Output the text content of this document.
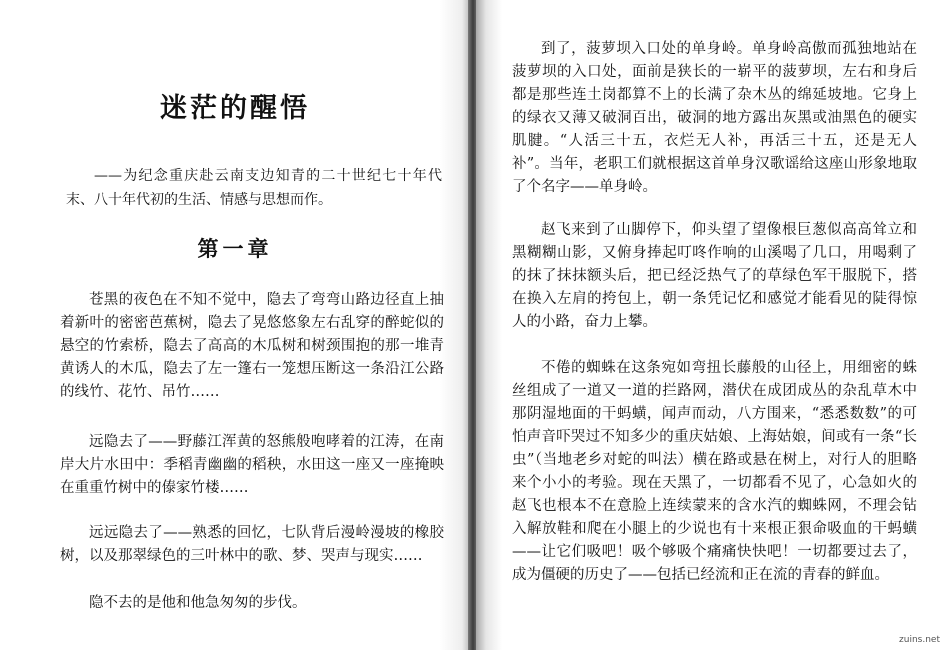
迷茫的醒悟

——为纪念重庆赴云南支边知青的二十世纪七十年代末、八十年代初的生活、情感与思想而作。

第一章

苍黑的夜色在不知不觉中，隐去了弯弯山路边径直上抽着新叶的密密芭蕉树，隐去了晃悠悠象左右乱穿的醉蛇似的悬空的竹索桥，隐去了高高的木瓜树和树颈围抱的那一堆青黄诱人的木瓜，隐去了左一篷右一笼想压断这一条沿江公路的线竹、花竹、吊竹……

远隐去了——野藤江浑黄的怒熊般咆哮着的江涛，在南岸大片水田中：季稻青幽幽的稻秧，水田这一座又一座掩映在重重竹树中的傣家竹楼……

远远隐去了——熟悉的回忆，七队背后漫岭漫坡的橡胶树，以及那翠绿色的三叶林中的歌、梦、哭声与现实……

隐不去的是他和他急匆匆的步伐。

到了，菠萝坝入口处的单身岭。单身岭高傲而孤独地站在菠萝坝的入口处，面前是狭长的一崭平的菠萝坝，左右和身后都是那些连土岗都算不上的长满了杂木丛的绵延坡地。它身上的绿衣又薄又破洞百出，破洞的地方露出灰黑或油黑色的硬实肌腱。“人活三十五，衣烂无人补，再活三十五，还是无人补”。当年，老职工们就根据这首单身汉歌谣给这座山形象地取了个名字——单身岭。

赵飞来到了山脚停下，仰头望了望像根巨葱似高高耸立和黑糊糊山影，又俯身捧起叮咚作响的山溪喝了几口，用喝剩了的抹了抹抹额头后，把已经泛热气了的草绿色军干服脱下，搭在换入左肩的挎包上，朝一条凭记忆和感觉才能看见的陡得惊人的小路，奋力上攀。

不倦的蜘蛛在这条宛如弯扭长藤般的山径上，用细密的蛛丝组成了一道又一道的拦路网，潜伏在成团成丛的杂乱草木中那阴湿地面的干蚂蟥，闻声而动，八方围来，“悉悉数数”的可怕声音吓哭过不知多少的重庆姑娘、上海姑娘，间或有一条“长虫”（当地老乡对蛇的叫法）横在路或悬在树上，对行人的胆略来个小小的考验。现在天黑了，一切都看不见了，心急如火的赵飞也根本不在意脸上连续蒙来的含水汽的蜘蛛网，不理会钻入解放鞋和爬在小腿上的少说也有十来根正狠命吸血的干蚂蟥——让它们吸吧！吸个够吸个痛痛快快吧！一切都要过去了，成为僵硬的历史了——包括已经流和正在流的青春的鲜血。

zuins.net
